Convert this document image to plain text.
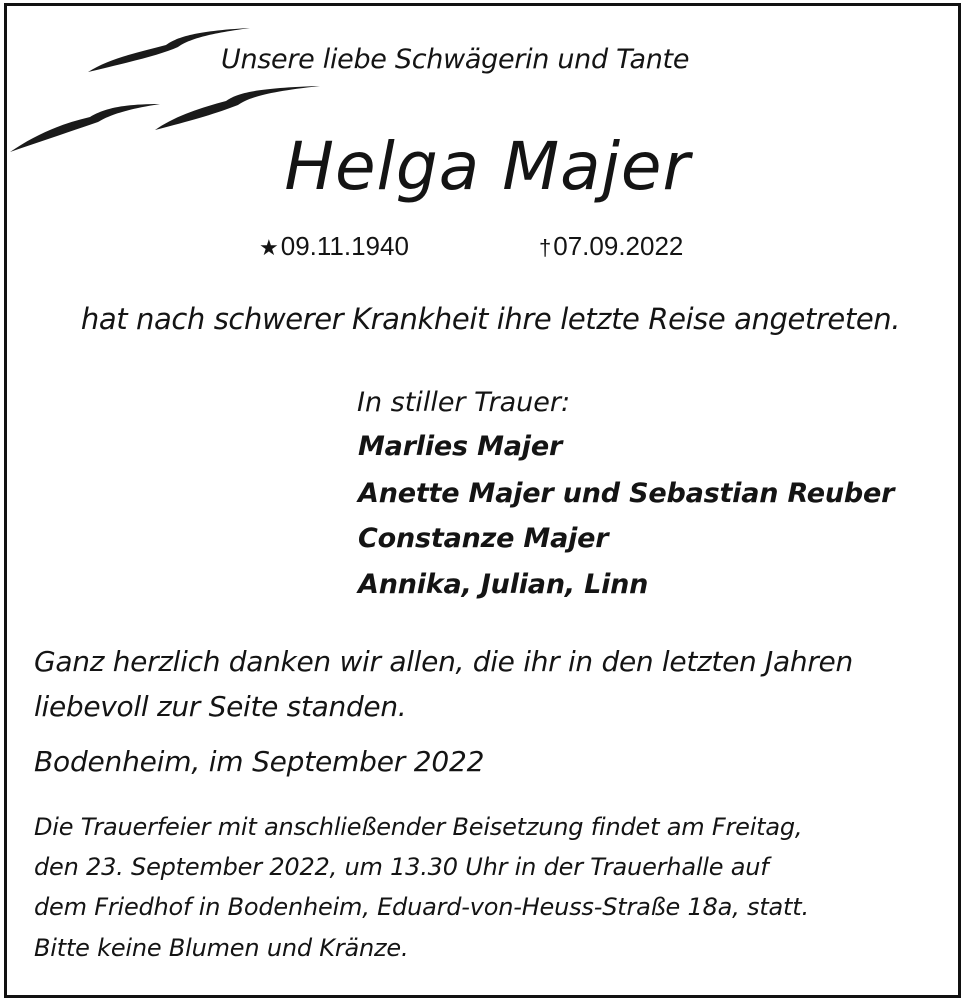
Unsere liebe Schwägerin und Tante
Helga Majer
★09.11.1940	†07.09.2022
hat nach schwerer Krankheit ihre letzte Reise angetreten.
In stiller Trauer:
Marlies Majer
Anette Majer und Sebastian Reuber
Constanze Majer
Annika, Julian, Linn
Ganz herzlich danken wir allen, die ihr in den letzten Jahren
liebevoll zur Seite standen.
Bodenheim, im September 2022
Die Trauerfeier mit anschließender Beisetzung findet am Freitag,
den 23. September 2022, um 13.30 Uhr in der Trauerhalle auf
dem Friedhof in Bodenheim, Eduard-von-Heuss-Straße 18a, statt.
Bitte keine Blumen und Kränze.
